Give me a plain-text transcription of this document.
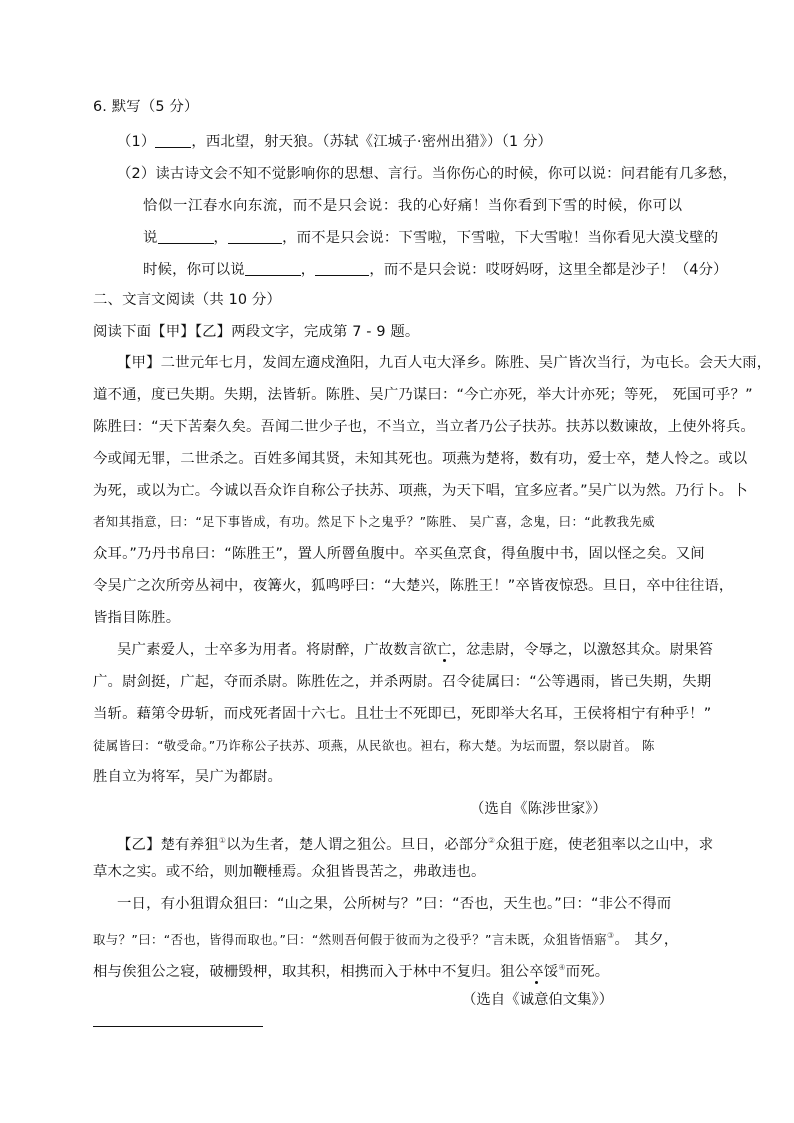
6. 默写（5 分）
（1）	，西北望，射天狼。（苏轼《江城子·密州出猎》）（1 分）
（2）读古诗文会不知不觉影响你的思想、言行。当你伤心的时候，你可以说：问君能有几多愁，
恰似一江春水向东流，而不是只会说：我的心好痛！当你看到下雪的时候，你可以
说	，	，而不是只会说：下雪啦，下雪啦，下大雪啦！当你看见大漠戈壁的
时候，你可以说	，	，而不是只会说：哎呀妈呀，这里全都是沙子！（4分）
二、文言文阅读（共 10 分）
阅读下面【甲】【乙】两段文字，完成第 7 - 9 题。
【甲】二世元年七月，发闾左適戍渔阳，九百人屯大泽乡。陈胜、吴广皆次当行，为屯长。会天大雨，
道不通，度已失期。失期，法皆斩。陈胜、吴广乃谋曰：“今亡亦死，举大计亦死；等死， 死国可乎？”
陈胜曰：“天下苦秦久矣。吾闻二世少子也，不当立，当立者乃公子扶苏。扶苏以数谏故，上使外将兵。
今或闻无罪，二世杀之。百姓多闻其贤，未知其死也。项燕为楚将，数有功，爱士卒，楚人怜之。或以
为死，或以为亡。今诚以吾众诈自称公子扶苏、项燕，为天下唱，宜多应者。”吴广以为然。乃行卜。卜
者知其指意，曰：“足下事皆成，有功。然足下卜之鬼乎？”陈胜、 吴广喜，念鬼，曰：“此教我先威
众耳。”乃丹书帛曰：“陈胜王”，置人所罾鱼腹中。卒买鱼烹食，得鱼腹中书，固以怪之矣。又间
令吴广之次所旁丛祠中，夜篝火，狐鸣呼曰：“大楚兴，陈胜王！”卒皆夜惊恐。旦日，卒中往往语，
皆指目陈胜。
吴广素爱人，士卒多为用者。将尉醉，广故数言欲亡，忿恚尉，令辱之，以激怒其众。尉果笞
广。尉剑挺，广起，夺而杀尉。陈胜佐之，并杀两尉。召令徒属曰：“公等遇雨，皆已失期，失期
当斩。藉第令毋斩，而戍死者固十六七。且壮士不死即已，死即举大名耳，王侯将相宁有种乎！”
徒属皆曰：“敬受命。”乃诈称公子扶苏、项燕，从民欲也。袒右，称大楚。为坛而盟，祭以尉首。 陈
胜自立为将军，吴广为都尉。
（选自《陈涉世家》）
【乙】楚有养狙①以为生者，楚人谓之狙公。旦日，必部分②众狙于庭，使老狙率以之山中，求
草木之实。或不给，则加鞭棰焉。众狙皆畏苦之，弗敢违也。
一日，有小狙谓众狙曰：“山之果，公所树与？”曰：“否也，天生也。”曰：“非公不得而
取与？”曰：“否也，皆得而取也。”曰：“然则吾何假于彼而为之役乎？”言未既，众狙皆悟寤③。 其夕，
相与俟狙公之寝，破栅毁柙，取其积，相携而入于林中不复归。狙公卒馁④而死。
（选自《诚意伯文集》）
